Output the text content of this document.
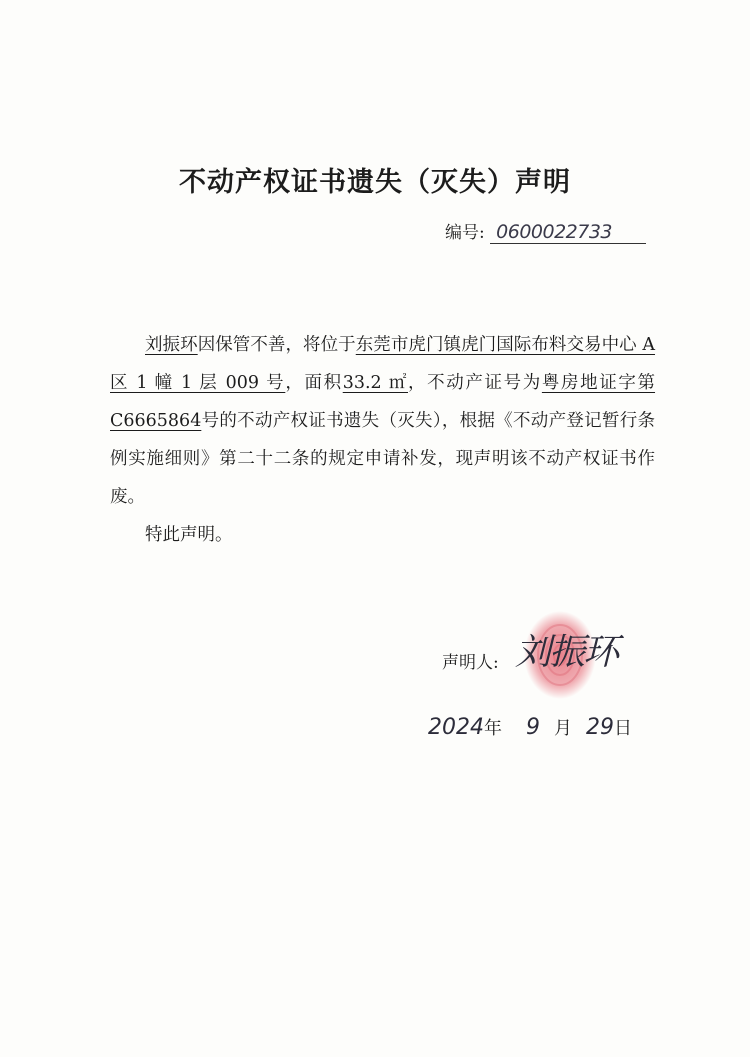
不动产权证书遗失（灭失）声明
编号: 0600022733

刘振环因保管不善，将位于东莞市虎门镇虎门国际布料交易中心 A 区 1 幢 1 层 009 号，面积33.2 ㎡，不动产证号为粤房地证字第 C6665864号的不动产权证书遗失（灭失），根据《不动产登记暂行条例实施细则》第二十二条的规定申请补发，现声明该不动产权证书作废。

特此声明。

声明人: 刘振环
2024年 9 月 29日
